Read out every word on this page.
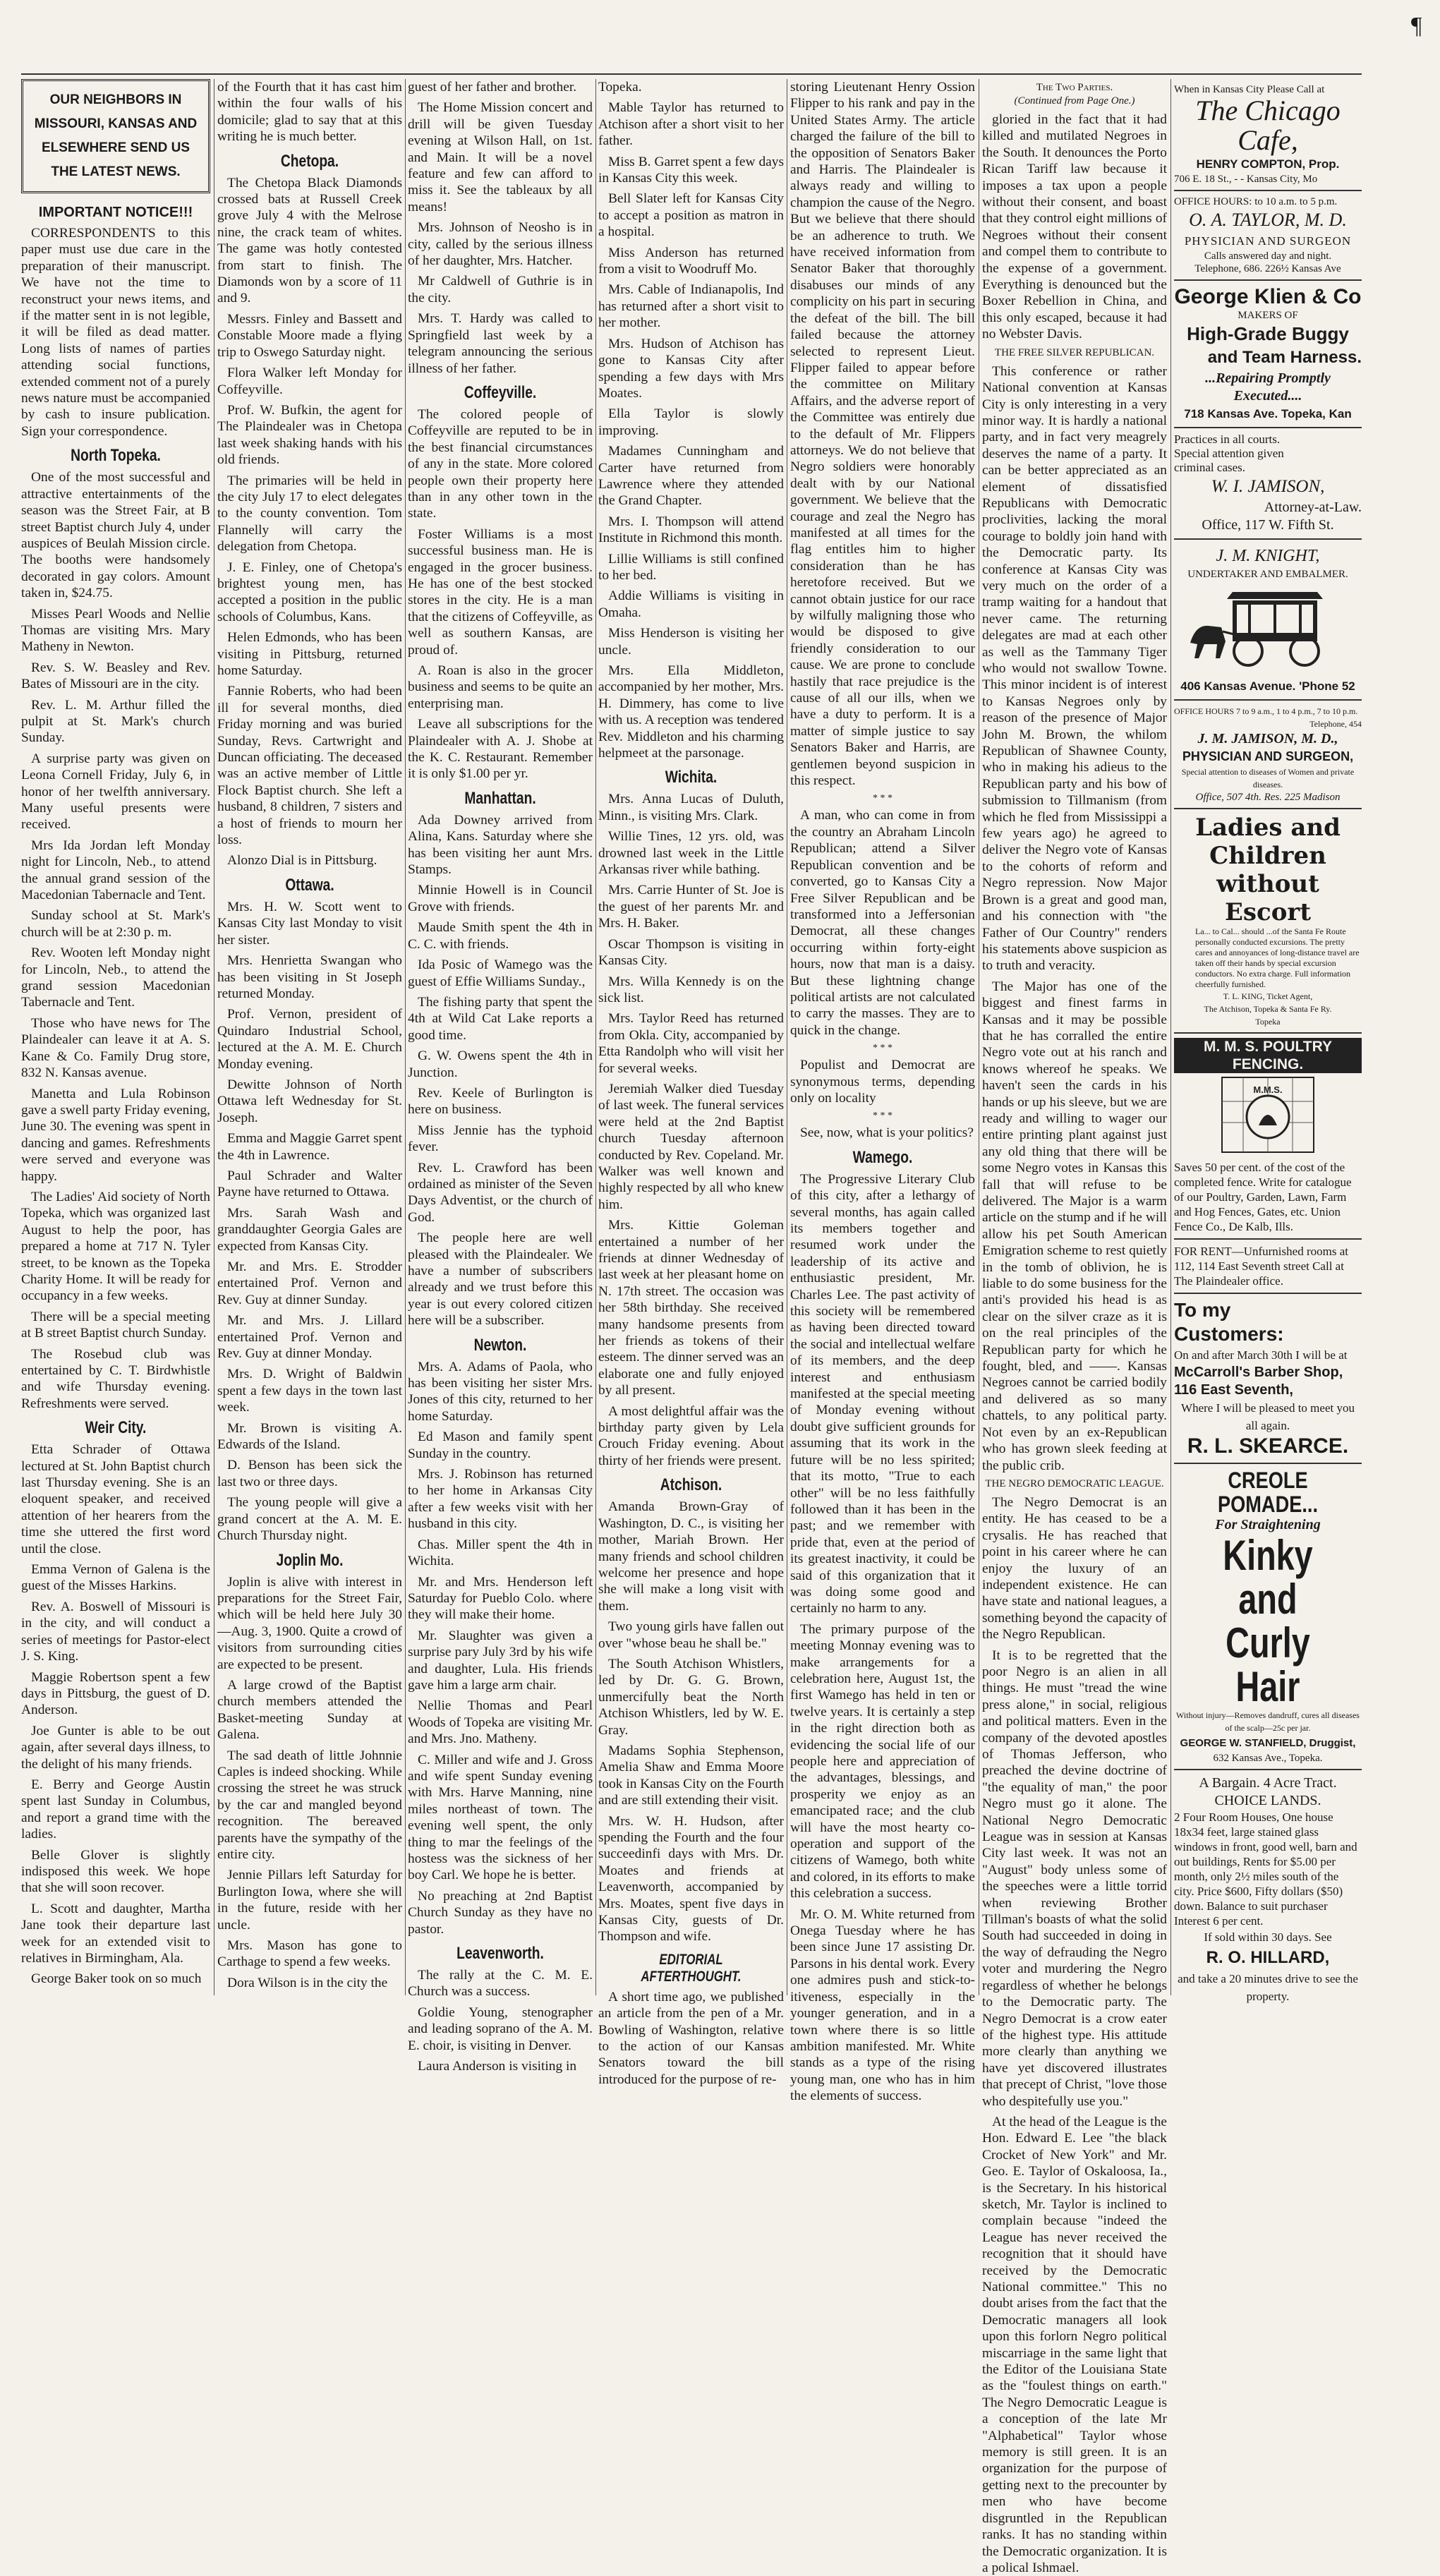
¶
OUR NEIGHBORS IN MISSOURI, KANSAS AND
ELSEWHERE SEND US THE LATEST NEWS.
IMPORTANT NOTICE!!!

CORRESPONDENTS to this paper must use due care in the preparation of their manuscript. We have not the time to reconstruct your news items, and if the matter sent in is not legible, it will be filed as dead matter. Long lists of names of parties attending social functions, extended comment not of a purely news nature must be accompanied by cash to insure publication. Sign your correspondence.

North Topeka.

One of the most successful and attractive entertainments of the season was the Street Fair, at B street Baptist church July 4, under auspices of Beulah Mission circle. The booths were handsomely decorated in gay colors. Amount taken in, $24.75.

Misses Pearl Woods and Nellie Thomas are visiting Mrs. Mary Matheny in Newton.

Rev. S. W. Beasley and Rev. Bates of Missouri are in the city.

Rev. L. M. Arthur filled the pulpit at St. Mark's church Sunday.

A surprise party was given on Leona Cornell Friday, July 6, in honor of her twelfth anniversary. Many useful presents were received.

Mrs Ida Jordan left Monday night for Lincoln, Neb., to attend the annual grand session of the Macedonian Tabernacle and Tent.

Sunday school at St. Mark's church will be at 2:30 p. m.

Rev. Wooten left Monday night for Lincoln, Neb., to attend the grand session Macedonian Tabernacle and Tent.

Those who have news for The Plaindealer can leave it at A. S. Kane & Co. Family Drug store, 832 N. Kansas avenue.

Manetta and Lula Robinson gave a swell party Friday evening, June 30. The evening was spent in dancing and games. Refreshments were served and everyone was happy.

The Ladies' Aid society of North Topeka, which was organized last August to help the poor, has prepared a home at 717 N. Tyler street, to be known as the Topeka Charity Home. It will be ready for occupancy in a few weeks.

There will be a special meeting at B street Baptist church Sunday.

The Rosebud club was entertained by C. T. Birdwhistle and wife Thursday evening. Refreshments were served.

Weir City.

Etta Schrader of Ottawa lectured at St. John Baptist church last Thursday evening. She is an eloquent speaker, and received attention of her hearers from the time she uttered the first word until the close.

Emma Vernon of Galena is the guest of the Misses Harkins.

Rev. A. Boswell of Missouri is in the city, and will conduct a series of meetings for Pastor-elect J. S. King.

Maggie Robertson spent a few days in Pittsburg, the guest of D. Anderson.

Joe Gunter is able to be out again, after several days illness, to the delight of his many friends.

E. Berry and George Austin spent last Sunday in Columbus, and report a grand time with the ladies.

Belle Glover is slightly indisposed this week. We hope that she will soon recover.

L. Scott and daughter, Martha Jane took their departure last week for an extended visit to relatives in Birmingham, Ala.

George Baker took on so much

of the Fourth that it has cast him within the four walls of his domicile; glad to say that at this writing he is much better.

Chetopa.

The Chetopa Black Diamonds crossed bats at Russell Creek grove July 4 with the Melrose nine, the crack team of whites. The game was hotly contested from start to finish. The Diamonds won by a score of 11 and 9.

Messrs. Finley and Bassett and Constable Moore made a flying trip to Oswego Saturday night.

Flora Walker left Monday for Coffeyville.

Prof. W. Bufkin, the agent for The Plaindealer was in Chetopa last week shaking hands with his old friends.

The primaries will be held in the city July 17 to elect delegates to the county convention. Tom Flannelly will carry the delegation from Chetopa.

J. E. Finley, one of Chetopa's brightest young men, has accepted a position in the public schools of Columbus, Kans.

Helen Edmonds, who has been visiting in Pittsburg, returned home Saturday.

Fannie Roberts, who had been ill for several months, died Friday morning and was buried Sunday, Revs. Cartwright and Duncan officiating. The deceased was an active member of Little Flock Baptist church. She left a husband, 8 children, 7 sisters and a host of friends to mourn her loss.

Alonzo Dial is in Pittsburg.

Ottawa.

Mrs. H. W. Scott went to Kansas City last Monday to visit her sister.

Mrs. Henrietta Swangan who has been visiting in St Joseph returned Monday.

Prof. Vernon, president of Quindaro Industrial School, lectured at the A. M. E. Church Monday evening.

Dewitte Johnson of North Ottawa left Wednesday for St. Joseph.

Emma and Maggie Garret spent the 4th in Lawrence.

Paul Schrader and Walter Payne have returned to Ottawa.

Mrs. Sarah Wash and granddaughter Georgia Gales are expected from Kansas City.

Mr. and Mrs. E. Strodder entertained Prof. Vernon and Rev. Guy at dinner Sunday.

Mr. and Mrs. J. Lillard entertained Prof. Vernon and Rev. Guy at dinner Monday.

Mrs. D. Wright of Baldwin spent a few days in the town last week.

Mr. Brown is visiting A. Edwards of the Island.

D. Benson has been sick the last two or three days.

The young people will give a grand concert at the A. M. E. Church Thursday night.

Joplin Mo.

Joplin is alive with interest in preparations for the Street Fair, which will be held here July 30 —Aug. 3, 1900. Quite a crowd of visitors from surrounding cities are expected to be present.

A large crowd of the Baptist church members attended the Basket-meeting Sunday at Galena.

The sad death of little Johnnie Caples is indeed shocking. While crossing the street he was struck by the car and mangled beyond recognition. The bereaved parents have the sympathy of the entire city.

Jennie Pillars left Saturday for Burlington Iowa, where she will in the future, reside with her uncle.

Mrs. Mason has gone to Carthage to spend a few weeks.

Dora Wilson is in the city the

guest of her father and brother.

The Home Mission concert and drill will be given Tuesday evening at Wilson Hall, on 1st. and Main. It will be a novel feature and few can afford to miss it. See the tableaux by all means!

Mrs. Johnson of Neosho is in city, called by the serious illness of her daughter, Mrs. Hatcher.

Mr Caldwell of Guthrie is in the city.

Mrs. T. Hardy was called to Springfield last week by a telegram announcing the serious illness of her father.

Coffeyville.

The colored people of Coffeyville are reputed to be in the best financial circumstances of any in the state. More colored people own their property here than in any other town in the state.

Foster Williams is a most successful business man. He is engaged in the grocer business. He has one of the best stocked stores in the city. He is a man that the citizens of Coffeyville, as well as southern Kansas, are proud of.

A. Roan is also in the grocer business and seems to be quite an enterprising man.

Leave all subscriptions for the Plaindealer with A. J. Shobe at the K. C. Restaurant. Remember it is only $1.00 per yr.

Manhattan.

Ada Downey arrived from Alina, Kans. Saturday where she has been visiting her aunt Mrs. Stamps.

Minnie Howell is in Council Grove with friends.

Maude Smith spent the 4th in C. C. with friends.

Ida Posic of Wamego was the guest of Effie Williams Sunday.,

The fishing party that spent the 4th at Wild Cat Lake reports a good time.

G. W. Owens spent the 4th in Junction.

Rev. Keele of Burlington is here on business.

Miss Jennie has the typhoid fever.

Rev. L. Crawford has been ordained as minister of the Seven Days Adventist, or the church of God.

The people here are well pleased with the Plaindealer. We have a number of subscribers already and we trust before this year is out every colored citizen here will be a subscriber.

Newton.

Mrs. A. Adams of Paola, who has been visiting her sister Mrs. Jones of this city, returned to her home Saturday.

Ed Mason and family spent Sunday in the country.

Mrs. J. Robinson has returned to her home in Arkansas City after a few weeks visit with her husband in this city.

Chas. Miller spent the 4th in Wichita.

Mr. and Mrs. Henderson left Saturday for Pueblo Colo. where they will make their home.

Mr. Slaughter was given a surprise pary July 3rd by his wife and daughter, Lula. His friends gave him a large arm chair.

Nellie Thomas and Pearl Woods of Topeka are visiting Mr. and Mrs. Jno. Matheny.

C. Miller and wife and J. Gross and wife spent Sunday evening with Mrs. Harve Manning, nine miles northeast of town. The evening well spent, the only thing to mar the feelings of the hostess was the sickness of her boy Carl. We hope he is better.

No preaching at 2nd Baptist Church Sunday as they have no pastor.

Leavenworth.

The rally at the C. M. E. Church was a success.

Goldie Young, stenographer and leading soprano of the A. M. E. choir, is visiting in Denver.

Laura Anderson is visiting in

Topeka.

Mable Taylor has returned to Atchison after a short visit to her father.

Miss B. Garret spent a few days in Kansas City this week.

Bell Slater left for Kansas City to accept a position as matron in a hospital.

Miss Anderson has returned from a visit to Woodruff Mo.

Mrs. Cable of Indianapolis, Ind has returned after a short visit to her mother.

Mrs. Hudson of Atchison has gone to Kansas City after spending a few days with Mrs Moates.

Ella Taylor is slowly improving.

Madames Cunningham and Carter have returned from Lawrence where they attended the Grand Chapter.

Mrs. I. Thompson will attend Institute in Richmond this month.

Lillie Williams is still confined to her bed.

Addie Williams is visiting in Omaha.

Miss Henderson is visiting her uncle.

Mrs. Ella Middleton, accompanied by her mother, Mrs. H. Dimmery, has come to live with us. A reception was tendered Rev. Middleton and his charming helpmeet at the parsonage.

Wichita.

Mrs. Anna Lucas of Duluth, Minn., is visiting Mrs. Clark.

Willie Tines, 12 yrs. old, was drowned last week in the Little Arkansas river while bathing.

Mrs. Carrie Hunter of St. Joe is the guest of her parents Mr. and Mrs. H. Baker.

Oscar Thompson is visiting in Kansas City.

Mrs. Willa Kennedy is on the sick list.

Mrs. Taylor Reed has returned from Okla. City, accompanied by Etta Randolph who will visit her for several weeks.

Jeremiah Walker died Tuesday of last week. The funeral services were held at the 2nd Baptist church Tuesday afternoon conducted by Rev. Copeland. Mr. Walker was well known and highly respected by all who knew him.

Mrs. Kittie Goleman entertained a number of her friends at dinner Wednesday of last week at her pleasant home on N. 17th street. The occasion was her 58th birthday. She received many handsome presents from her friends as tokens of their esteem. The dinner served was an elaborate one and fully enjoyed by all present.

A most delightful affair was the birthday party given by Lela Crouch Friday evening. About thirty of her friends were present.

Atchison.

Amanda Brown-Gray of Washington, D. C., is visiting her mother, Mariah Brown. Her many friends and school children welcome her presence and hope she will make a long visit with them.

Two young girls have fallen out over "whose beau he shall be."

The South Atchison Whistlers, led by Dr. G. G. Brown, unmercifully beat the North Atchison Whistlers, led by W. E. Gray.

Madams Sophia Stephenson, Amelia Shaw and Emma Moore took in Kansas City on the Fourth and are still extending their visit.

Mrs. W. H. Hudson, after spending the Fourth and the four succeedinfi days with Mrs. Dr. Moates and friends at Leavenworth, accompanied by Mrs. Moates, spent five days in Kansas City, guests of Dr. Thompson and wife.

EDITORIAL AFTERTHOUGHT.

A short time ago, we published an article from the pen of a Mr. Bowling of Washington, relative to the action of our Kansas Senators toward the bill introduced for the purpose of re-

storing Lieutenant Henry Ossion Flipper to his rank and pay in the United States Army. The article charged the failure of the bill to the opposition of Senators Baker and Harris. The Plaindealer is always ready and willing to champion the cause of the Negro. But we believe that there should be an adherence to truth. We have received information from Senator Baker that thoroughly disabuses our minds of any complicity on his part in securing the defeat of the bill. The bill failed because the attorney selected to represent Lieut. Flipper failed to appear before the committee on Military Affairs, and the adverse report of the Committee was entirely due to the default of Mr. Flippers attorneys. We do not believe that Negro soldiers were honorably dealt with by our National government. We believe that the courage and zeal the Negro has manifested at all times for the flag entitles him to higher consideration than he has heretofore received. But we cannot obtain justice for our race by wilfully maligning those who would be disposed to give friendly consideration to our cause. We are prone to conclude hastily that race prejudice is the cause of all our ills, when we have a duty to perform. It is a matter of simple justice to say Senators Baker and Harris, are gentlemen beyond suspicion in this respect.

* * *

A man, who can come in from the country an Abraham Lincoln Republican; attend a Silver Republican convention and be converted, go to Kansas City a Free Silver Republican and be transformed into a Jeffersonian Democrat, all these changes occurring within forty-eight hours, now that man is a daisy. But these lightning change political artists are not calculated to carry the masses. They are to quick in the change.

* * *

Populist and Democrat are synonymous terms, depending only on locality

* * *

See, now, what is your politics?

Wamego.

The Progressive Literary Club of this city, after a lethargy of several months, has again called its members together and resumed work under the leadership of its active and enthusiastic president, Mr. Charles Lee. The past activity of this society will be remembered as having been directed toward the social and intellectual welfare of its members, and the deep interest and enthusiasm manifested at the special meeting of Monday evening without doubt give sufficient grounds for assuming that its work in the future will be no less spirited; that its motto, "True to each other" will be no less faithfully followed than it has been in the past; and we remember with pride that, even at the period of its greatest inactivity, it could be said of this organization that it was doing some good and certainly no harm to any.

The primary purpose of the meeting Monnay evening was to make arrangements for a celebration here, August 1st, the first Wamego has held in ten or twelve years. It is certainly a step in the right direction both as evidencing the social life of our people here and appreciation of the advantages, blessings, and prosperity we enjoy as an emancipated race; and the club will have the most hearty co-operation and support of the citizens of Wamego, both white and colored, in its efforts to make this celebration a success.

Mr. O. M. White returned from Onega Tuesday where he has been since June 17 assisting Dr. Parsons in his dental work. Every one admires push and stick-to-itiveness, especially in the younger generation, and in a town where there is so little ambition manifested. Mr. White stands as a type of the rising young man, one who has in him the elements of success.

The Two Parties.
(Continued from Page One.)

gloried in the fact that it had killed and mutilated Negroes in the South. It denounces the Porto Rican Tariff law because it imposes a tax upon a people without their consent, and boast that they control eight millions of Negroes without their consent and compel them to contribute to the expense of a government. Everything is denounced but the Boxer Rebellion in China, and this only escaped, because it had no Webster Davis.

THE FREE SILVER REPUBLICAN.

This conference or rather National convention at Kansas City is only interesting in a very minor way. It is hardly a national party, and in fact very meagrely deserves the name of a party. It can be better appreciated as an element of dissatisfied Republicans with Democratic proclivities, lacking the moral courage to boldly join hand with the Democratic party. Its conference at Kansas City was very much on the order of a tramp waiting for a handout that never came. The returning delegates are mad at each other as well as the Tammany Tiger who would not swallow Towne. This minor incident is of interest to Kansas Negroes only by reason of the presence of Major John M. Brown, the whilom Republican of Shawnee County, who in making his adieus to the Republican party and his bow of submission to Tillmanism (from which he fled from Mississippi a few years ago) he agreed to deliver the Negro vote of Kansas to the cohorts of reform and Negro repression. Now Major Brown is a great and good man, and his connection with "the Father of Our Country" renders his statements above suspicion as to truth and veracity.

The Major has one of the biggest and finest farms in Kansas and it may be possible that he has corralled the entire Negro vote out at his ranch and knows whereof he speaks. We haven't seen the cards in his hands or up his sleeve, but we are ready and willing to wager our entire printing plant against just any old thing that there will be some Negro votes in Kansas this fall that will refuse to be delivered. The Major is a warm article on the stump and if he will allow his pet South American Emigration scheme to rest quietly in the tomb of oblivion, he is liable to do some business for the anti's provided his head is as clear on the silver craze as it is on the real principles of the Republican party for which he fought, bled, and ——. Kansas Negroes cannot be carried bodily and delivered as so many chattels, to any political party. Not even by an ex-Republican who has grown sleek feeding at the public crib.

THE NEGRO DEMOCRATIC LEAGUE.

The Negro Democrat is an entity. He has ceased to be a crysalis. He has reached that point in his career where he can enjoy the luxury of an independent existence. He can have state and national leagues, a something beyond the capacity of the Negro Republican.

It is to be regretted that the poor Negro is an alien in all things. He must "tread the wine press alone," in social, religious and political matters. Even in the company of the devoted apostles of Thomas Jefferson, who preached the devine doctrine of "the equality of man," the poor Negro must go it alone. The National Negro Democratic League was in session at Kansas City last week. It was not an "August" body unless some of the speeches were a little torrid when reviewing Brother Tillman's boasts of what the solid South had succeeded in doing in the way of defrauding the Negro voter and murdering the Negro regardless of whether he belongs to the Democratic party. The Negro Democrat is a crow eater of the highest type. His attitude more clearly than anything we have yet discovered illustrates that precept of Christ, "love those who despitefully use you."

At the head of the League is the Hon. Edward E. Lee "the black Crocket of New York" and Mr. Geo. E. Taylor of Oskaloosa, Ia., is the Secretary. In his historical sketch, Mr. Taylor is inclined to complain because "indeed the League has never received the recognition that it should have received by the Democratic National committee." This no doubt arises from the fact that the Democratic managers all look upon this forlorn Negro political miscarriage in the same light that the Editor of the Louisiana State as the "foulest things on earth." The Negro Democratic League is a conception of the late Mr "Alphabetical" Taylor whose memory is still green. It is an organization for the purpose of getting next to the precounter by men who have become disgruntled in the Republican ranks. It has no standing within the Democratic organization. It is a polical Ishmael.

When in Kansas City Please Call at
The Chicago Cafe,
HENRY COMPTON, Prop.
706 E. 18 St., - - Kansas City, Mo
OFFICE HOURS: to 10 a.m. to 5 p.m.
O. A. TAYLOR, M. D.
PHYSICIAN AND SURGEON
Calls answered day and night.
Telephone, 686. 226½ Kansas Ave
George Klien & Co
MAKERS OF
High-Grade Buggy
and Team Harness.
...Repairing Promptly Executed....
718 Kansas Ave. Topeka, Kan
Practices in all courts. Special attention given criminal cases.
W. I. JAMISON,
Attorney-at-Law.
Office, 117 W. Fifth St.
J. M. KNIGHT,
UNDERTAKER AND EMBALMER.
406 Kansas Avenue. 'Phone 52
OFFICE HOURS 7 to 9 a.m., 1 to 4 p.m., 7 to 10 p.m.
Telephone, 454
J. M. JAMISON, M. D.,
PHYSICIAN AND SURGEON,
Special attention to diseases of Women and private diseases.
Office, 507 4th. Res. 225 Madison
Ladies and Children without Escort
La... to Cal... should ...of the Santa Fe Route personally conducted excursions. The pretty cares and annoyances of long-distance travel are taken off their hands by special excursion conductors. No extra charge. Full information cheerfully furnished.
T. L. KING, Ticket Agent,
The Atchison, Topeka & Santa Fe Ry.
Topeka
M. M. S. POULTRY FENCING.
M.M.S.
Saves 50 per cent. of the cost of the completed fence. Write for catalogue of our Poultry, Garden, Lawn, Farm and Hog Fences, Gates, etc. Union Fence Co., De Kalb, Ills.
FOR RENT—Unfurnished rooms at 112, 114 East Seventh street Call at The Plaindealer office.
To my
Customers:
On and after March 30th I will be at
McCarroll's Barber Shop,
116 East Seventh,
Where I will be pleased to meet you all again.
R. L. SKEARCE.
CREOLE POMADE...
For Straightening
Kinky and
Curly Hair
Without injury—Removes dandruff, cures all diseases of the scalp—25c per jar.
GEORGE W. STANFIELD, Druggist,
632 Kansas Ave., Topeka.
A Bargain. 4 Acre Tract.
CHOICE LANDS.
2 Four Room Houses, One house 18x34 feet, large stained glass windows in front, good well, barn and out buildings, Rents for $5.00 per month, only 2½ miles south of the city. Price $600, Fifty dollars ($50) down. Balance to suit purchaser Interest 6 per cent.
If sold within 30 days. See
R. O. HILLARD,
and take a 20 minutes drive to see the property.
